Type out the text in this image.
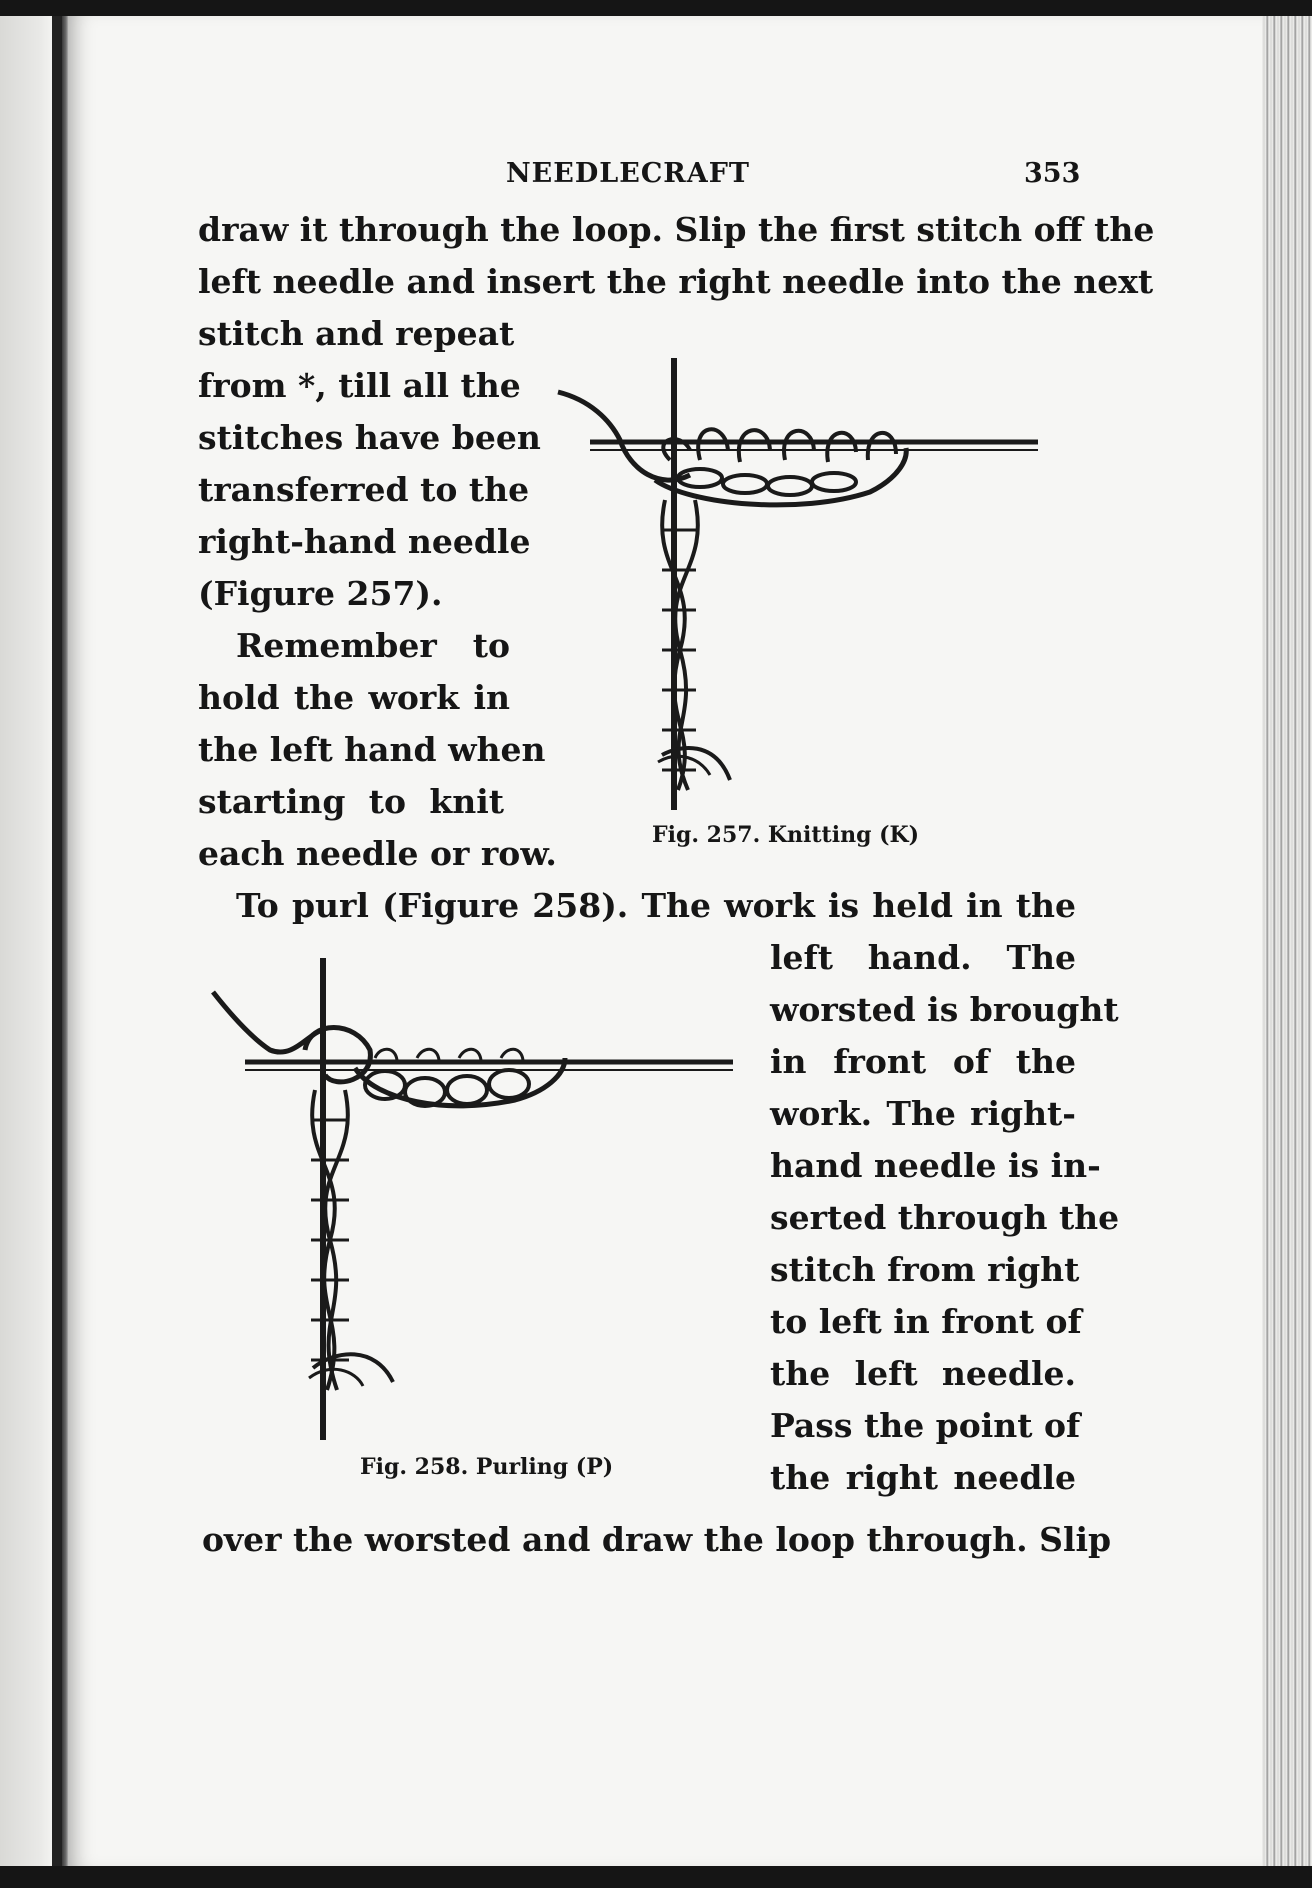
NEEDLECRAFT	353
draw it through the loop. Slip the first stitch off the
left needle and insert the right needle into the next
stitch and repeat
from *, till all the
stitches have been
transferred to the
right-hand needle
(Figure 257).
Remember to
hold the work in
the left hand when
starting to knit
each needle or row.
To purl (Figure 258). The work is held in the
left hand. The
worsted is brought
in front of the
work. The right-
hand needle is in-
serted through the
stitch from right
to left in front of
the left needle.
Pass the point of
the right needle
over the worsted and draw the loop through. Slip
Fig. 257. Knitting (K)
Fig. 258. Purling (P)
